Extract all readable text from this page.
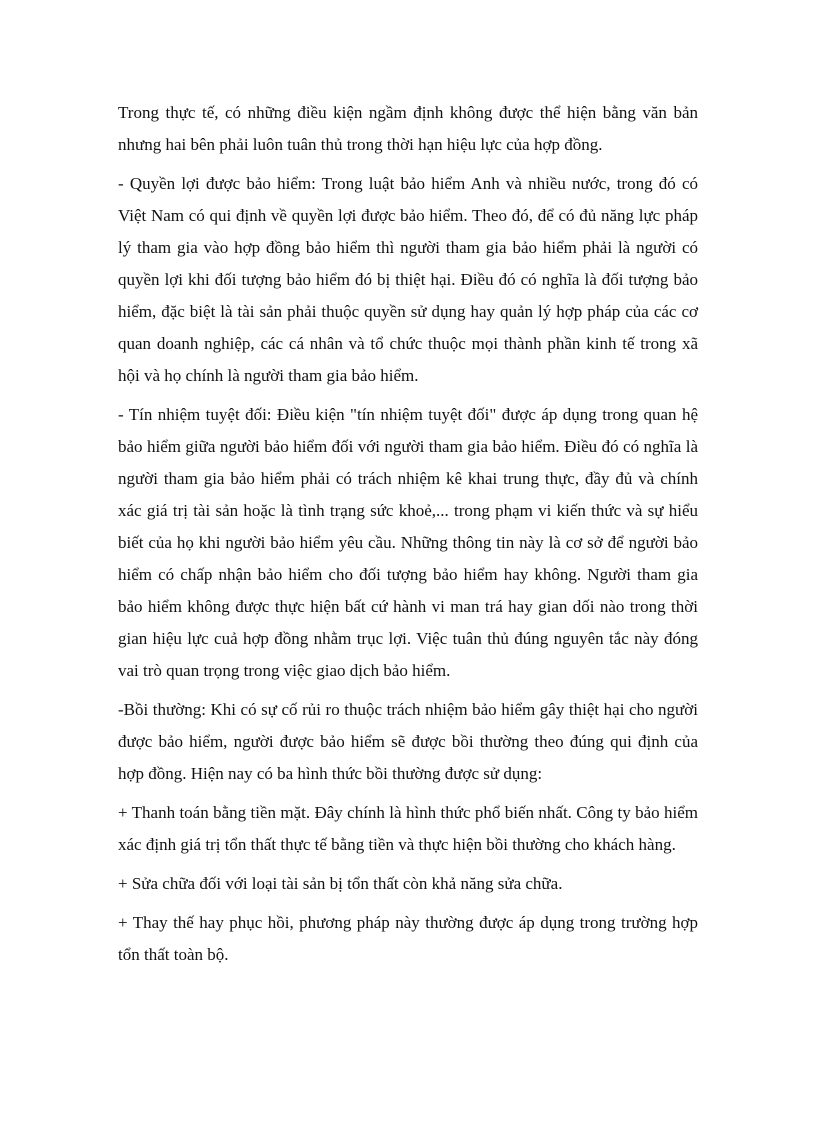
Trong thực tế, có những điều kiện ngầm định không được thể hiện bằng văn bản nhưng hai bên phải luôn tuân thủ trong thời hạn hiệu lực của hợp đồng.

- Quyền lợi được bảo hiểm: Trong luật bảo hiểm Anh và nhiều nước, trong đó có Việt Nam có qui định về quyền lợi được bảo hiểm. Theo đó, để có đủ năng lực pháp lý tham gia vào hợp đồng bảo hiểm thì người tham gia bảo hiểm phải là người có quyền lợi khi đối tượng bảo hiểm đó bị thiệt hại. Điều đó có nghĩa là đối tượng bảo hiểm, đặc biệt là tài sản phải thuộc quyền sử dụng hay quản lý hợp pháp của các cơ quan doanh nghiệp, các cá nhân và tổ chức thuộc mọi thành phần kinh tế trong xã hội và họ chính là người tham gia bảo hiểm.

- Tín nhiệm tuyệt đối: Điều kiện "tín nhiệm tuyệt đối" được áp dụng trong quan hệ bảo hiểm giữa người bảo hiểm đối với người tham gia bảo hiểm. Điều đó có nghĩa là người tham gia bảo hiểm phải có trách nhiệm kê khai trung thực, đầy đủ và chính xác giá trị tài sản hoặc là tình trạng sức khoẻ,... trong phạm vi kiến thức và sự hiểu biết của họ khi người bảo hiểm yêu cầu. Những thông tin này là cơ sở để người bảo hiểm có chấp nhận bảo hiểm cho đối tượng bảo hiểm hay không. Người tham gia bảo hiểm không được thực hiện bất cứ hành vi man trá hay gian dối nào trong thời gian hiệu lực cuả hợp đồng nhằm trục lợi. Việc tuân thủ đúng nguyên tắc này đóng vai trò quan trọng trong việc giao dịch bảo hiểm.

-Bồi thường: Khi có sự cố rủi ro thuộc trách nhiệm bảo hiểm gây thiệt hại cho người được bảo hiểm, người được bảo hiểm sẽ được bồi thường theo đúng qui định của hợp đồng. Hiện nay có ba hình thức bồi thường được sử dụng:

+ Thanh toán bằng tiền mặt. Đây chính là hình thức phổ biến nhất. Công ty bảo hiểm xác định giá trị tổn thất thực tế bằng tiền và thực hiện bồi thường cho khách hàng.

+ Sửa chữa đối với loại tài sản bị tổn thất còn khả năng sửa chữa.

+ Thay thế hay phục hồi, phương pháp này thường được áp dụng trong trường hợp tổn thất toàn bộ.
